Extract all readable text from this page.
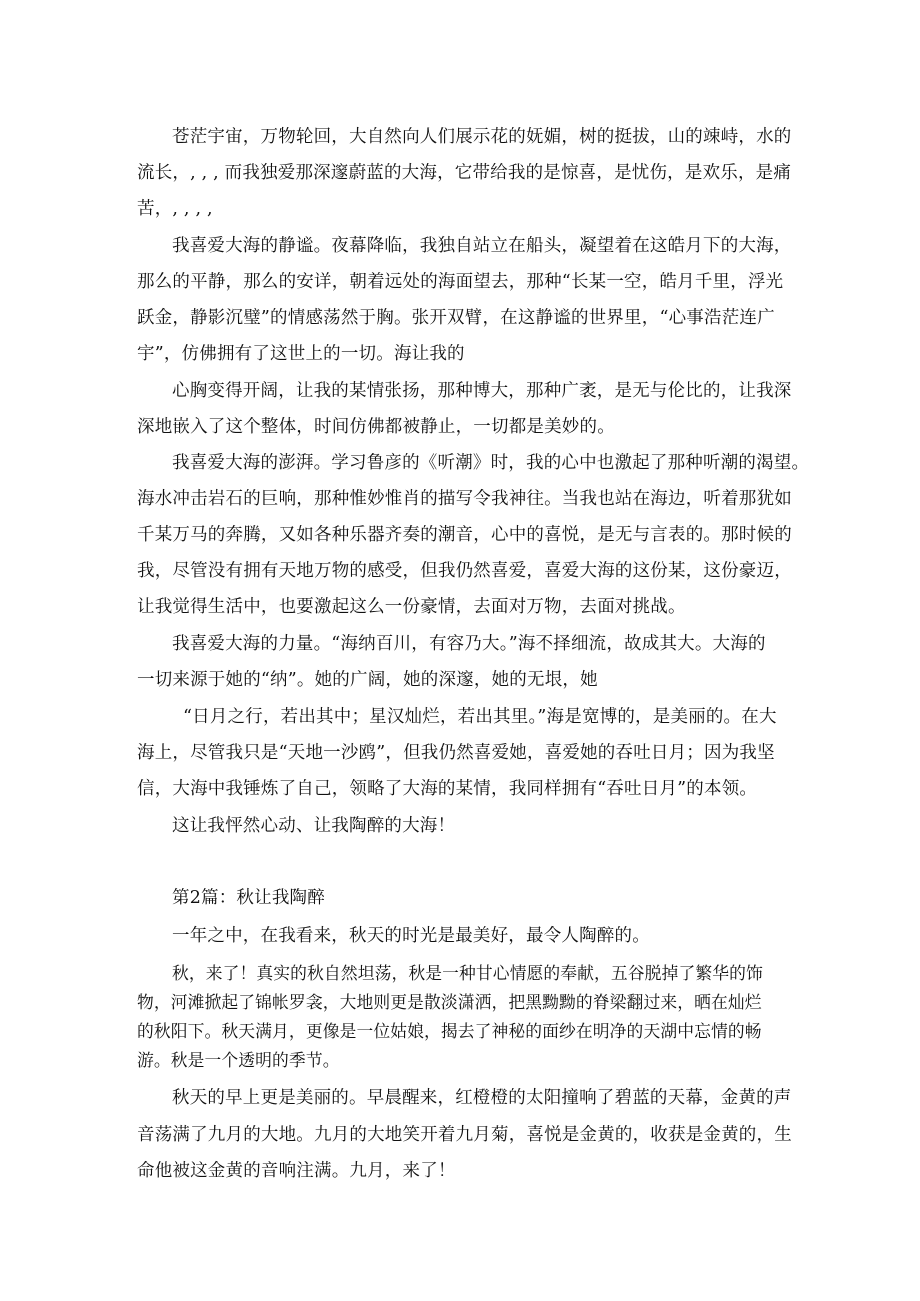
苍茫宇宙，万物轮回，大自然向人们展示花的妩媚，树的挺拔，山的竦峙，水的
流长，, , , 而我独爱那深邃蔚蓝的大海，它带给我的是惊喜，是忧伤，是欢乐，是痛
苦，, , , ,
我喜爱大海的静谧。夜幕降临，我独自站立在船头，凝望着在这皓月下的大海，
那么的平静，那么的安详，朝着远处的海面望去，那种“长某一空，皓月千里，浮光
跃金，静影沉璧”的情感荡然于胸。张开双臂，在这静谧的世界里，“心事浩茫连广
宇”，仿佛拥有了这世上的一切。海让我的
心胸变得开阔，让我的某情张扬，那种博大，那种广袤，是无与伦比的，让我深
深地嵌入了这个整体，时间仿佛都被静止，一切都是美妙的。
我喜爱大海的澎湃。学习鲁彦的《听潮》时，我的心中也激起了那种听潮的渴望。
海水冲击岩石的巨响，那种惟妙惟肖的描写令我神往。当我也站在海边，听着那犹如
千某万马的奔腾，又如各种乐器齐奏的潮音，心中的喜悦，是无与言表的。那时候的
我，尽管没有拥有天地万物的感受，但我仍然喜爱，喜爱大海的这份某，这份豪迈，
让我觉得生活中，也要激起这么一份豪情，去面对万物，去面对挑战。
我喜爱大海的力量。“海纳百川，有容乃大。”海不择细流，故成其大。大海的
一切来源于她的“纳”。她的广阔，她的深邃，她的无垠，她
“日月之行，若出其中；星汉灿烂，若出其里。”海是宽博的，是美丽的。在大
海上，尽管我只是“天地一沙鸥”，但我仍然喜爱她，喜爱她的吞吐日月；因为我坚
信，大海中我锤炼了自己，领略了大海的某情，我同样拥有“吞吐日月”的本领。
这让我怦然心动、让我陶醉的大海！
第2篇：秋让我陶醉
一年之中，在我看来，秋天的时光是最美好，最令人陶醉的。
秋，来了！真实的秋自然坦荡，秋是一种甘心情愿的奉献，五谷脱掉了繁华的饰
物，河滩掀起了锦帐罗衾，大地则更是散淡潇洒，把黑黝黝的脊梁翻过来，晒在灿烂
的秋阳下。秋天满月，更像是一位姑娘，揭去了神秘的面纱在明净的天湖中忘情的畅
游。秋是一个透明的季节。
秋天的早上更是美丽的。早晨醒来，红橙橙的太阳撞响了碧蓝的天幕，金黄的声
音荡满了九月的大地。九月的大地笑开着九月菊，喜悦是金黄的，收获是金黄的，生
命他被这金黄的音响注满。九月，来了！
